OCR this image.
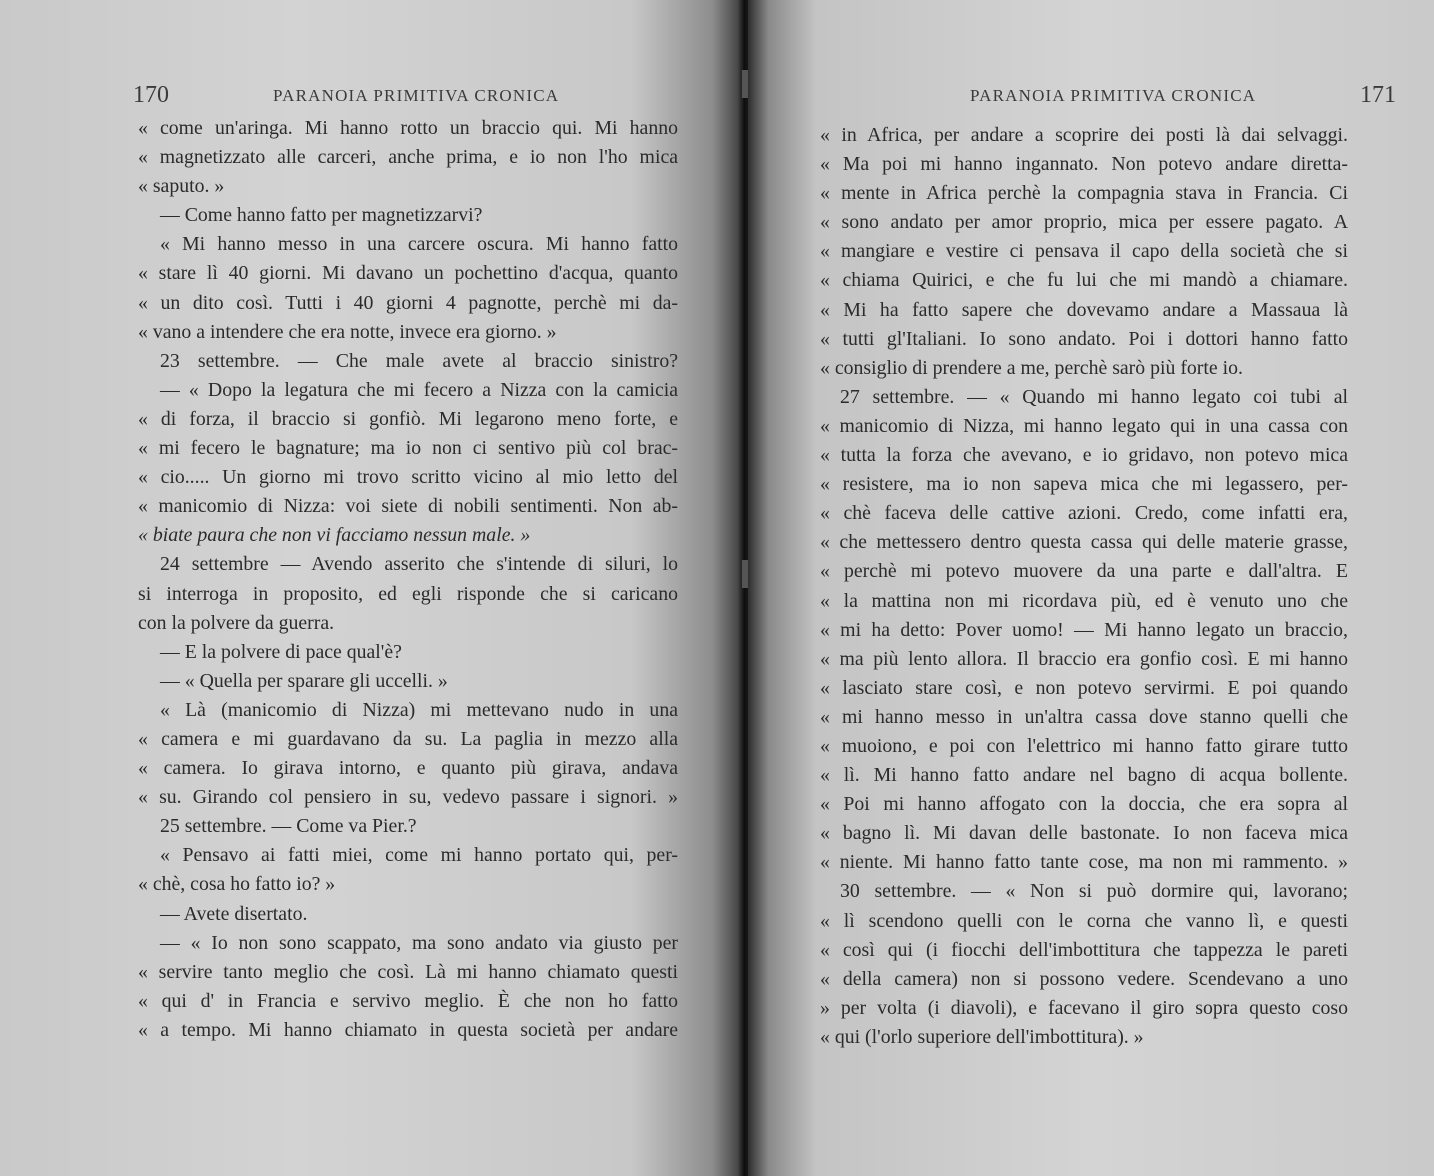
170	PARANOIA PRIMITIVA CRONICA
« come un'aringa. Mi hanno rotto un braccio qui. Mi hanno
« magnetizzato alle carceri, anche prima, e io non l'ho mica
« saputo. »
— Come hanno fatto per magnetizzarvi?
« Mi hanno messo in una carcere oscura. Mi hanno fatto
« stare lì 40 giorni. Mi davano un pochettino d'acqua, quanto
« un dito così. Tutti i 40 giorni 4 pagnotte, perchè mi da-
« vano a intendere che era notte, invece era giorno. »
23 settembre. — Che male avete al braccio sinistro?
— « Dopo la legatura che mi fecero a Nizza con la camicia
« di forza, il braccio si gonfiò. Mi legarono meno forte, e
« mi fecero le bagnature; ma io non ci sentivo più col brac-
« cio..... Un giorno mi trovo scritto vicino al mio letto del
« manicomio di Nizza: voi siete di nobili sentimenti. Non ab-
« biate paura che non vi facciamo nessun male. »
24 settembre — Avendo asserito che s'intende di siluri, lo
si interroga in proposito, ed egli risponde che si caricano
con la polvere da guerra.
— E la polvere di pace qual'è?
— « Quella per sparare gli uccelli. »
« Là (manicomio di Nizza) mi mettevano nudo in una
« camera e mi guardavano da su. La paglia in mezzo alla
« camera. Io girava intorno, e quanto più girava, andava
« su. Girando col pensiero in su, vedevo passare i signori. »
25 settembre. — Come va Pier.?
« Pensavo ai fatti miei, come mi hanno portato qui, per-
« chè, cosa ho fatto io? »
— Avete disertato.
— « Io non sono scappato, ma sono andato via giusto per
« servire tanto meglio che così. Là mi hanno chiamato questi
« qui d' in Francia e servivo meglio. È che non ho fatto
« a tempo. Mi hanno chiamato in questa società per andare
PARANOIA PRIMITIVA CRONICA	171
« in Africa, per andare a scoprire dei posti là dai selvaggi.
« Ma poi mi hanno ingannato. Non potevo andare diretta-
« mente in Africa perchè la compagnia stava in Francia. Ci
« sono andato per amor proprio, mica per essere pagato. A
« mangiare e vestire ci pensava il capo della società che si
« chiama Quirici, e che fu lui che mi mandò a chiamare.
« Mi ha fatto sapere che dovevamo andare a Massaua là
« tutti gl'Italiani. Io sono andato. Poi i dottori hanno fatto
« consiglio di prendere a me, perchè sarò più forte io.
27 settembre. — « Quando mi hanno legato coi tubi al
« manicomio di Nizza, mi hanno legato qui in una cassa con
« tutta la forza che avevano, e io gridavo, non potevo mica
« resistere, ma io non sapeva mica che mi legassero, per-
« chè faceva delle cattive azioni. Credo, come infatti era,
« che mettessero dentro questa cassa qui delle materie grasse,
« perchè mi potevo muovere da una parte e dall'altra. E
« la mattina non mi ricordava più, ed è venuto uno che
« mi ha detto: Pover uomo! — Mi hanno legato un braccio,
« ma più lento allora. Il braccio era gonfio così. E mi hanno
« lasciato stare così, e non potevo servirmi. E poi quando
« mi hanno messo in un'altra cassa dove stanno quelli che
« muoiono, e poi con l'elettrico mi hanno fatto girare tutto
« lì. Mi hanno fatto andare nel bagno di acqua bollente.
« Poi mi hanno affogato con la doccia, che era sopra al
« bagno lì. Mi davan delle bastonate. Io non faceva mica
« niente. Mi hanno fatto tante cose, ma non mi rammento. »
30 settembre. — « Non si può dormire qui, lavorano;
« lì scendono quelli con le corna che vanno lì, e questi
« così qui (i fiocchi dell'imbottitura che tappezza le pareti
« della camera) non si possono vedere. Scendevano a uno
» per volta (i diavoli), e facevano il giro sopra questo coso
« qui (l'orlo superiore dell'imbottitura). »
